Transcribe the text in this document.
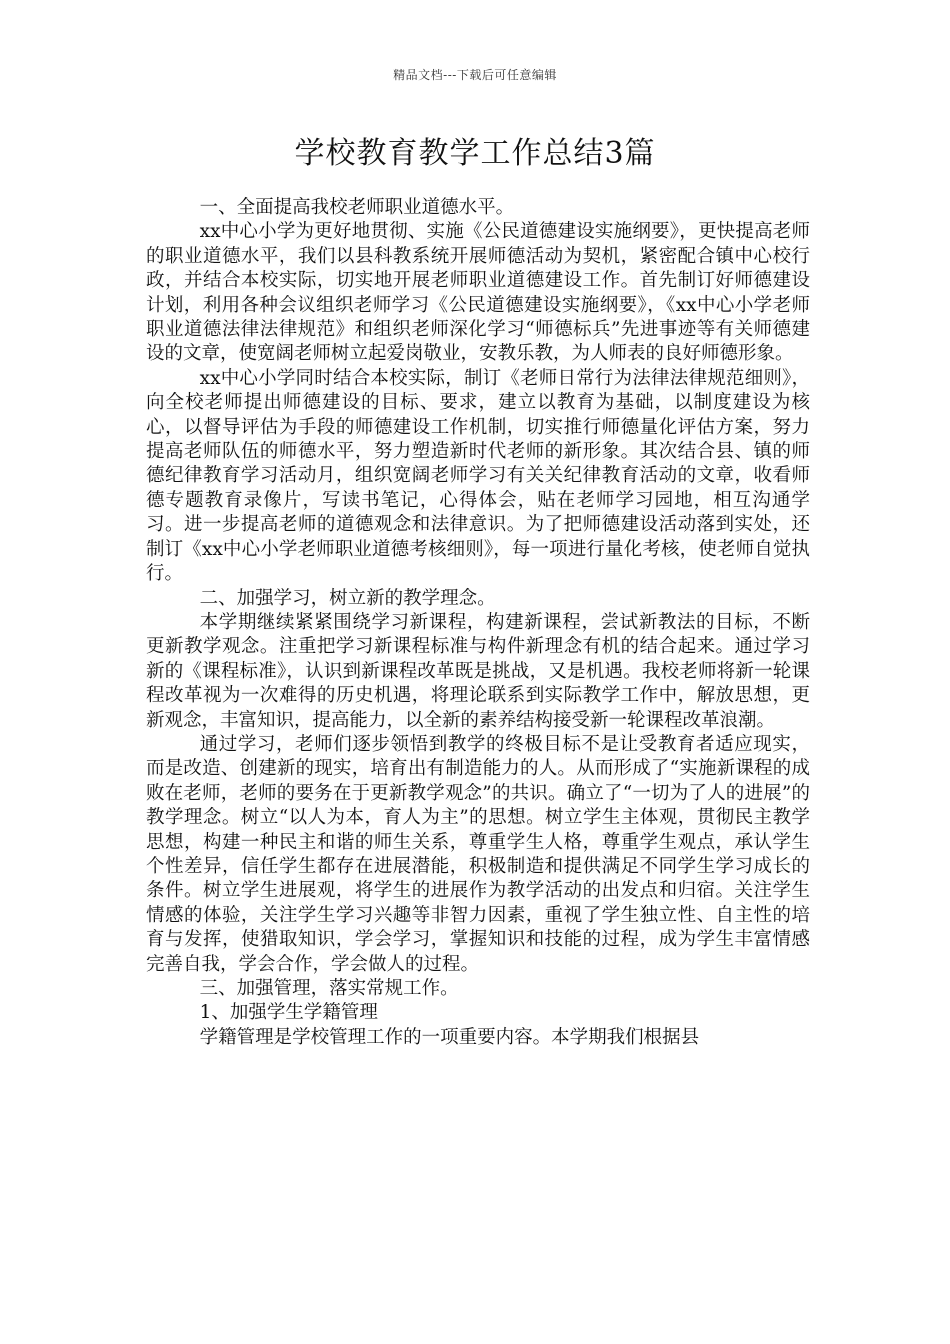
精品文档---下载后可任意编辑
学校教育教学工作总结3篇

一、全面提高我校老师职业道德水平。

xx中心小学为更好地贯彻、实施《公民道德建设实施纲要》，更快提高老师的职业道德水平，我们以县科教系统开展师德活动为契机，紧密配合镇中心校行政，并结合本校实际，切实地开展老师职业道德建设工作。首先制订好师德建设计划，利用各种会议组织老师学习《公民道德建设实施纲要》，《xx中心小学老师职业道德法律法律规范》和组织老师深化学习“师德标兵”先进事迹等有关师德建设的文章，使宽阔老师树立起爱岗敬业，安教乐教，为人师表的良好师德形象。

xx中心小学同时结合本校实际，制订《老师日常行为法律法律规范细则》，向全校老师提出师德建设的目标、要求，建立以教育为基础，以制度建设为核心，以督导评估为手段的师德建设工作机制，切实推行师德量化评估方案，努力提高老师队伍的师德水平，努力塑造新时代老师的新形象。其次结合县、镇的师德纪律教育学习活动月，组织宽阔老师学习有关关纪律教育活动的文章，收看师德专题教育录像片，写读书笔记，心得体会，贴在老师学习园地，相互沟通学习。进一步提高老师的道德观念和法律意识。为了把师德建设活动落到实处，还制订《xx中心小学老师职业道德考核细则》，每一项进行量化考核，使老师自觉执行。

二、加强学习，树立新的教学理念。

本学期继续紧紧围绕学习新课程，构建新课程，尝试新教法的目标，不断更新教学观念。注重把学习新课程标准与构件新理念有机的结合起来。通过学习新的《课程标准》，认识到新课程改革既是挑战，又是机遇。我校老师将新一轮课程改革视为一次难得的历史机遇，将理论联系到实际教学工作中，解放思想，更新观念，丰富知识，提高能力，以全新的素养结构接受新一轮课程改革浪潮。

通过学习，老师们逐步领悟到教学的终极目标不是让受教育者适应现实，而是改造、创建新的现实，培育出有制造能力的人。从而形成了“实施新课程的成败在老师，老师的要务在于更新教学观念”的共识。确立了“一切为了人的进展”的教学理念。树立“以人为本，育人为主”的思想。树立学生主体观，贯彻民主教学思想，构建一种民主和谐的师生关系，尊重学生人格，尊重学生观点，承认学生个性差异，信任学生都存在进展潜能，积极制造和提供满足不同学生学习成长的条件。树立学生进展观，将学生的进展作为教学活动的出发点和归宿。关注学生情感的体验，关注学生学习兴趣等非智力因素，重视了学生独立性、自主性的培育与发挥，使猎取知识，学会学习，掌握知识和技能的过程，成为学生丰富情感完善自我，学会合作，学会做人的过程。

三、加强管理，落实常规工作。

1、加强学生学籍管理

学籍管理是学校管理工作的一项重要内容。本学期我们根据县
